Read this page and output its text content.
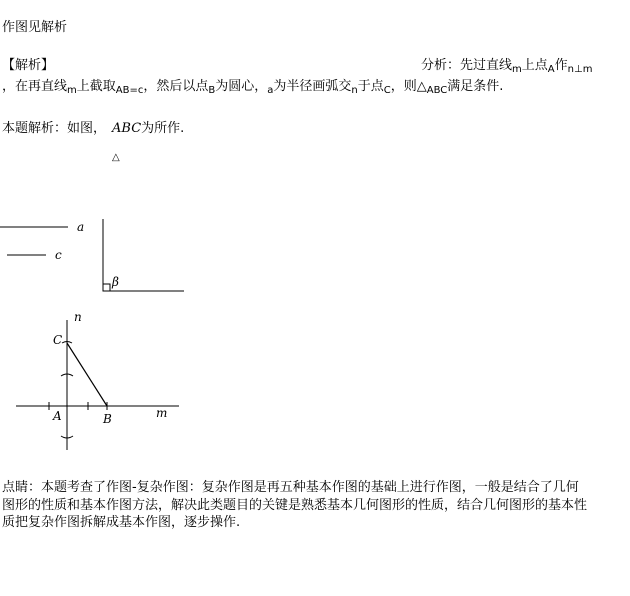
作图见解析
【解析】	分析：先过直线$_m$上点$_A$作$_{n\perp m}$
，在再直线$_m$上截取$_{AB=c}$，然后以点$_B$为圆心，$_a$为半径画弧交$_n$于点$_C$，则$\triangle_{ABC}$满足条件.
本题解析：如图， ABC为所作.
△
a
c
β
n
m
C
A	B
点睛：本题考查了作图-复杂作图：复杂作图是再五种基本作图的基础上进行作图，一般是结合了几何
图形的性质和基本作图方法，解决此类题目的关键是熟悉基本几何图形的性质，结合几何图形的基本性
质把复杂作图拆解成基本作图，逐步操作.
